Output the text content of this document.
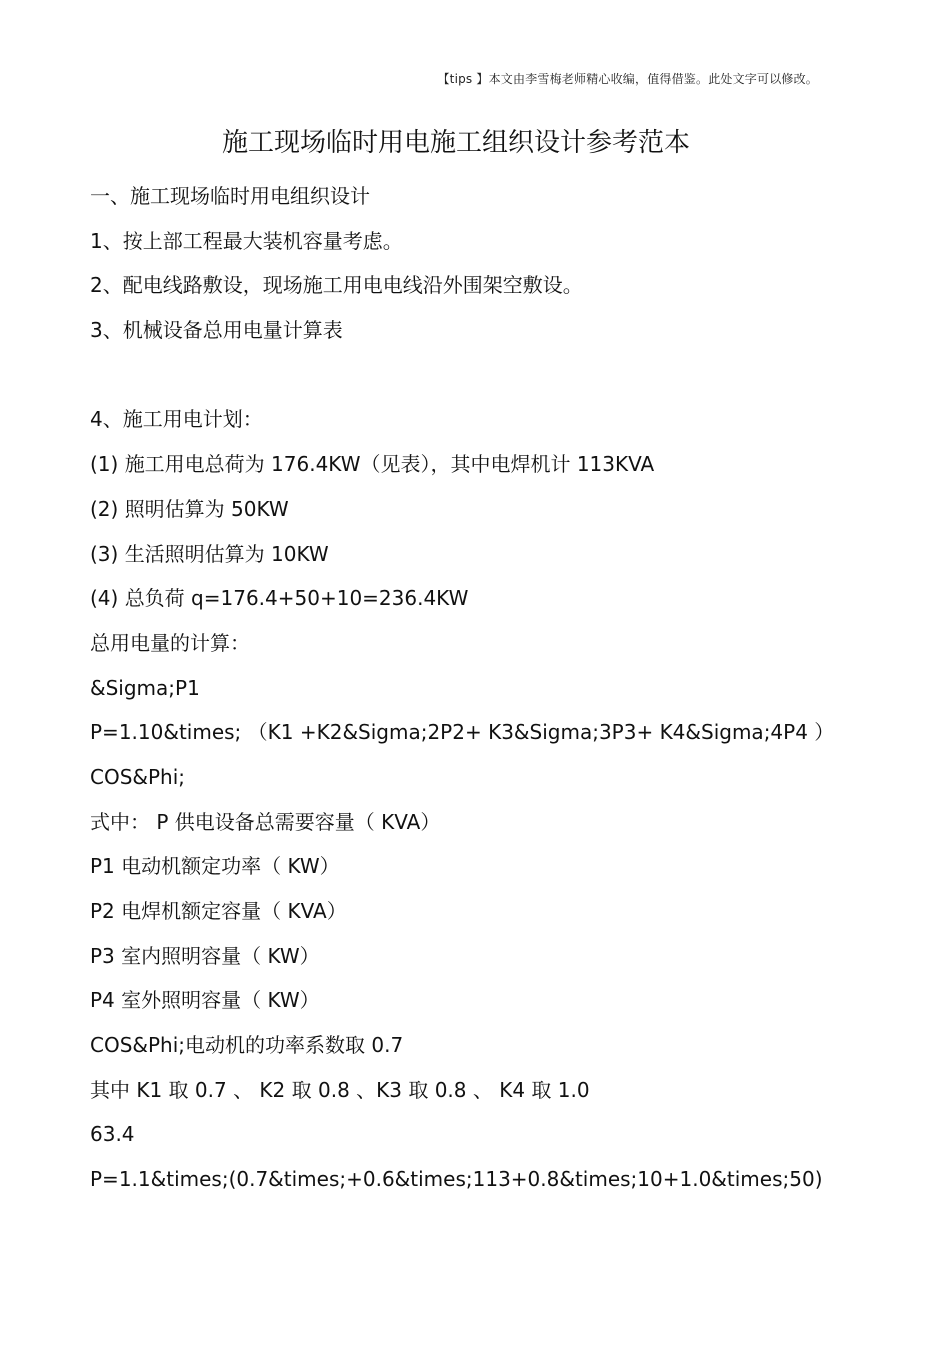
【tips 】本文由李雪梅老师精心收编，值得借鉴。此处文字可以修改。
施工现场临时用电施工组织设计参考范本
一、施工现场临时用电组织设计
1、按上部工程最大装机容量考虑。
2、配电线路敷设，现场施工用电电线沿外围架空敷设。
3、机械设备总用电量计算表
4、施工用电计划：
(1) 施工用电总荷为 176.4KW（见表），其中电焊机计 113KVA
(2) 照明估算为 50KW
(3) 生活照明估算为 10KW
(4) 总负荷 q=176.4+50+10=236.4KW
总用电量的计算：
&Sigma;P1
P=1.10&times; （K1 +K2&Sigma;2P2+ K3&Sigma;3P3+ K4&Sigma;4P4 ）
COS&Phi;
式中： P 供电设备总需要容量（ KVA）
P1 电动机额定功率（ KW）
P2 电焊机额定容量（ KVA）
P3 室内照明容量（ KW）
P4 室外照明容量（ KW）
COS&Phi;电动机的功率系数取 0.7
其中 K1 取 0.7 、 K2 取 0.8 、K3 取 0.8 、 K4 取 1.0
63.4
P=1.1&times;(0.7&times;+0.6&times;113+0.8&times;10+1.0&times;50)
